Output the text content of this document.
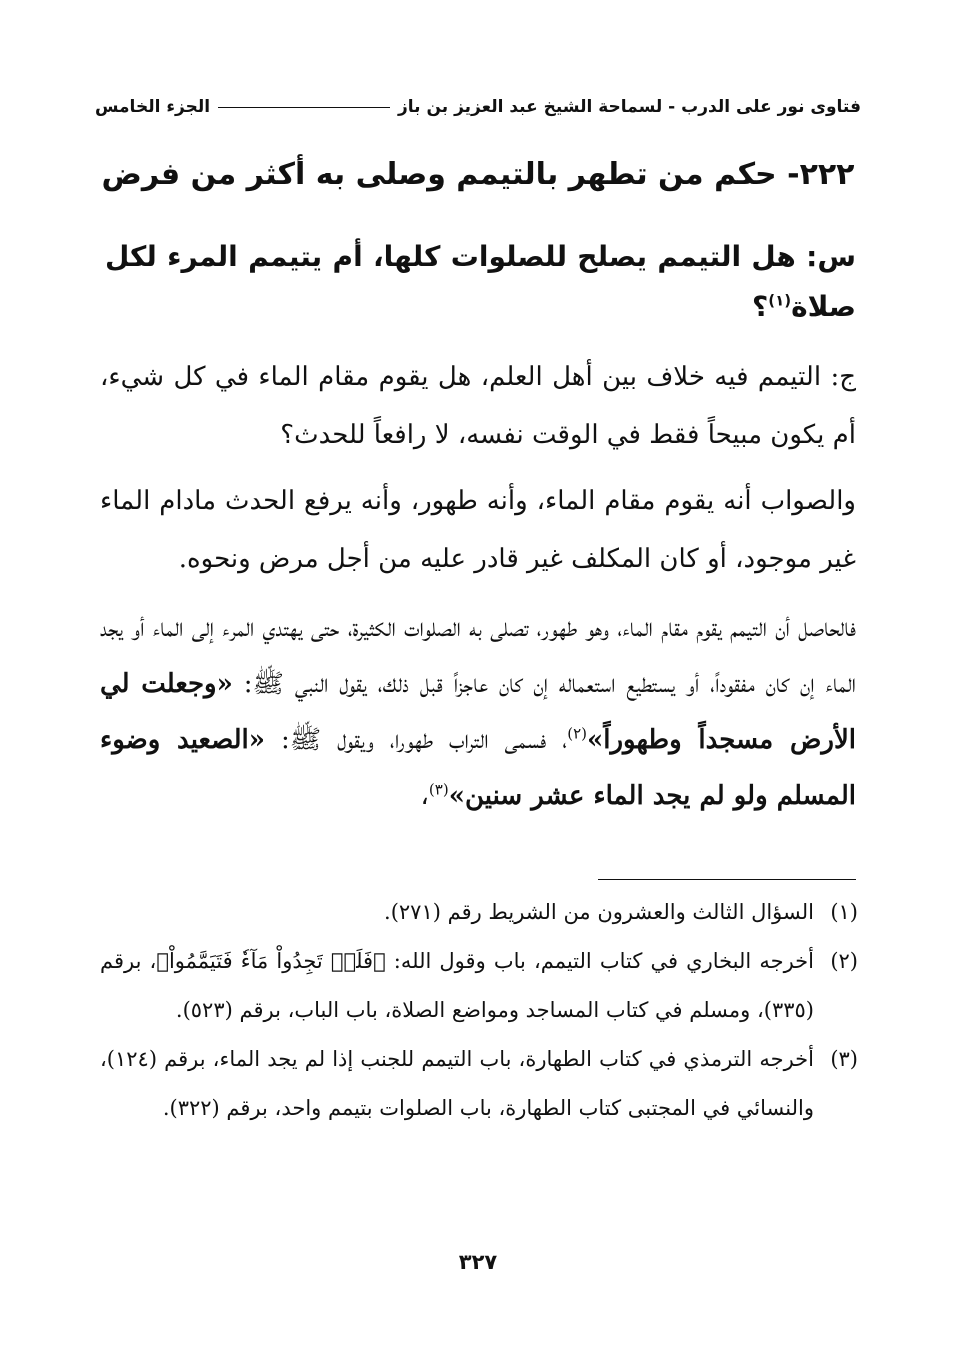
فتاوى نور على الدرب - لسماحة الشيخ عبد العزيز بن باز
الجزء الخامس
٢٢٢- حكم من تطهر بالتيمم وصلى به أكثر من فرض
س: هل التيمم يصلح للصلوات كلها، أم يتيمم المرء لكل صلاة$^{(١)}$؟
ج: التيمم فيه خلاف بين أهل العلم، هل يقوم مقام الماء في كل شيء، أم يكون مبيحاً فقط في الوقت نفسه، لا رافعاً للحدث؟
والصواب أنه يقوم مقام الماء، وأنه طهور، وأنه يرفع الحدث مادام الماء غير موجود، أو كان المكلف غير قادر عليه من أجل مرض ونحوه.
فالحاصل أن التيمم يقوم مقام الماء، وهو طهور، تصلى به الصلوات الكثيرة، حتى يهتدي المرء إلى الماء أو يجد الماء إن كان مفقوداً، أو يستطيع استعماله إن كان عاجزاً قبل ذلك، يقول النبي ﷺ: «وجعلت لي الأرض مسجداً وطهوراً»$^{(٢)}$، فسمى التراب طهورا، ويقول ﷺ: «الصعيد وضوء المسلم ولو لم يجد الماء عشر سنين»$^{(٣)}$،
(١)
السؤال الثالث والعشرون من الشريط رقم (٢٧١).
(٢)
أخرجه البخاري في كتاب التيمم، باب وقول الله: ﴿فَلَمۡ تَجِدُواْ مَآءٗ فَتَيَمَّمُواْ﴾، برقم (٣٣٥)، ومسلم في كتاب المساجد ومواضع الصلاة، باب الباب، برقم (٥٢٣).
(٣)
أخرجه الترمذي في كتاب الطهارة، باب التيمم للجنب إذا لم يجد الماء، برقم (١٢٤)، والنسائي في المجتبى كتاب الطهارة، باب الصلوات بتيمم واحد، برقم (٣٢٢).
٣٢٧
